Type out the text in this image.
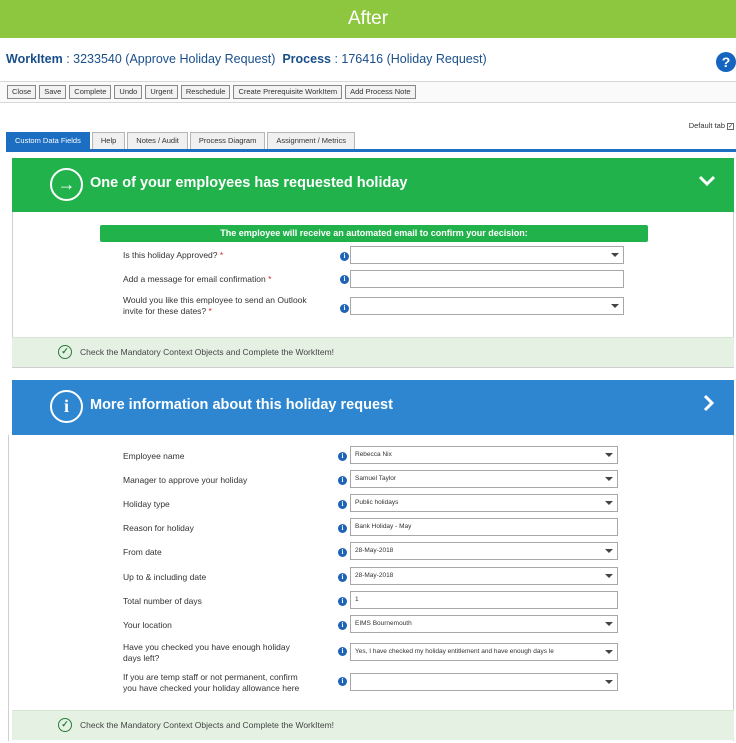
After
WorkItem : 3233540 (Approve Holiday Request) Process : 176416 (Holiday Request)	?
Close	Save	Complete	Undo	Urgent	Reschedule	Create Prerequisite WorkItem	Add Process Note
Default tab ✓
Custom Data Fields	Help	Notes / Audit	Process Diagram	Assignment / Metrics
→	One of your employees has requested holiday
The employee will receive an automated email to confirm your decision:
Is this holiday Approved? *	i
Add a message for email confirmation *	i
Would you like this employee to send an Outlook
invite for these dates? *	i
✓	Check the Mandatory Context Objects and Complete the WorkItem!
i	More information about this holiday request
Employee name	i	Rebecca Nix
Manager to approve your holiday	i	Samuel Taylor
Holiday type	i	Public holidays
Reason for holiday	i	Bank Holiday - May
From date	i	28-May-2018
Up to & including date	i	28-May-2018
Total number of days	i	1
Your location	i	EIMS Bournemouth
Have you checked you have enough holiday
days left?
i	Yes, I have checked my holiday entitlement and have enough days le
If you are temp staff or not permanent, confirm
you have checked your holiday allowance here
i
✓	Check the Mandatory Context Objects and Complete the WorkItem!
